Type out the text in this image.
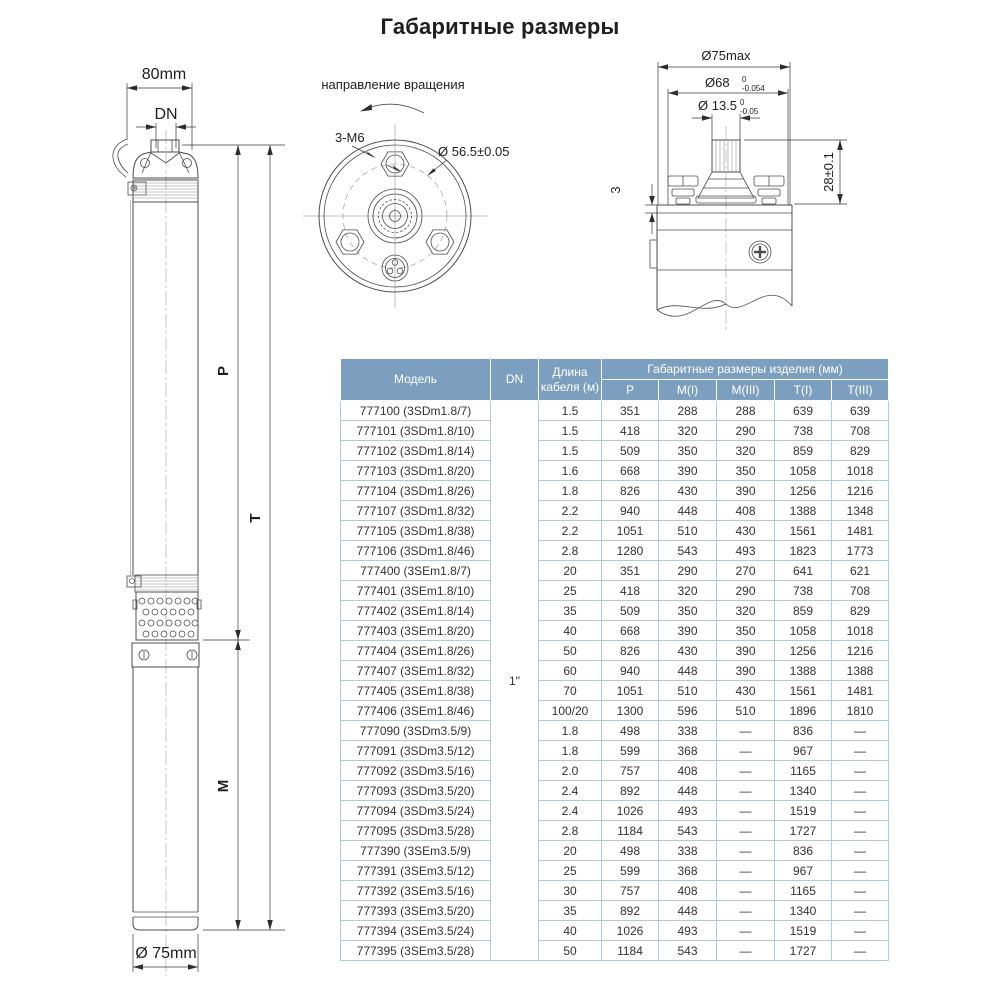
Габаритные размеры
80mm
DN
P
T
M
Ø 75mm
направление вращения
3-M6
Ø 56.5±0.05
Ø75max
Ø68 0
-0.054
Ø 13.5 0
-0.05
28±0.1
3
Модель	DN	Длина кабеля (м)	Габаритные размеры изделия (мм)				
			P	M(I)	M(III)	T(I)	T(III)
777100 (3SDm1.8/7)	1"	1.5	351	288	288	639	639
777101 (3SDm1.8/10)		1.5	418	320	290	738	708
777102 (3SDm1.8/14)		1.5	509	350	320	859	829
777103 (3SDm1.8/20)		1.6	668	390	350	1058	1018
777104 (3SDm1.8/26)		1.8	826	430	390	1256	1216
777107 (3SDm1.8/32)		2.2	940	448	408	1388	1348
777105 (3SDm1.8/38)		2.2	1051	510	430	1561	1481
777106 (3SDm1.8/46)		2.8	1280	543	493	1823	1773
777400 (3SEm1.8/7)		20	351	290	270	641	621
777401 (3SEm1.8/10)		25	418	320	290	738	708
777402 (3SEm1.8/14)		35	509	350	320	859	829
777403 (3SEm1.8/20)		40	668	390	350	1058	1018
777404 (3SEm1.8/26)		50	826	430	390	1256	1216
777407 (3SEm1.8/32)		60	940	448	390	1388	1388
777405 (3SEm1.8/38)		70	1051	510	430	1561	1481
777406 (3SEm1.8/46)		100/20	1300	596	510	1896	1810
777090 (3SDm3.5/9)		1.8	498	338	—	836	—
777091 (3SDm3.5/12)		1.8	599	368	—	967	—
777092 (3SDm3.5/16)		2.0	757	408	—	1165	—
777093 (3SDm3.5/20)		2.4	892	448	—	1340	—
777094 (3SDm3.5/24)		2.4	1026	493	—	1519	—
777095 (3SDm3.5/28)		2.8	1184	543	—	1727	—
777390 (3SEm3.5/9)		20	498	338	—	836	—
777391 (3SEm3.5/12)		25	599	368	—	967	—
777392 (3SEm3.5/16)		30	757	408	—	1165	—
777393 (3SEm3.5/20)		35	892	448	—	1340	—
777394 (3SEm3.5/24)		40	1026	493	—	1519	—
777395 (3SEm3.5/28)		50	1184	543	—	1727	—
